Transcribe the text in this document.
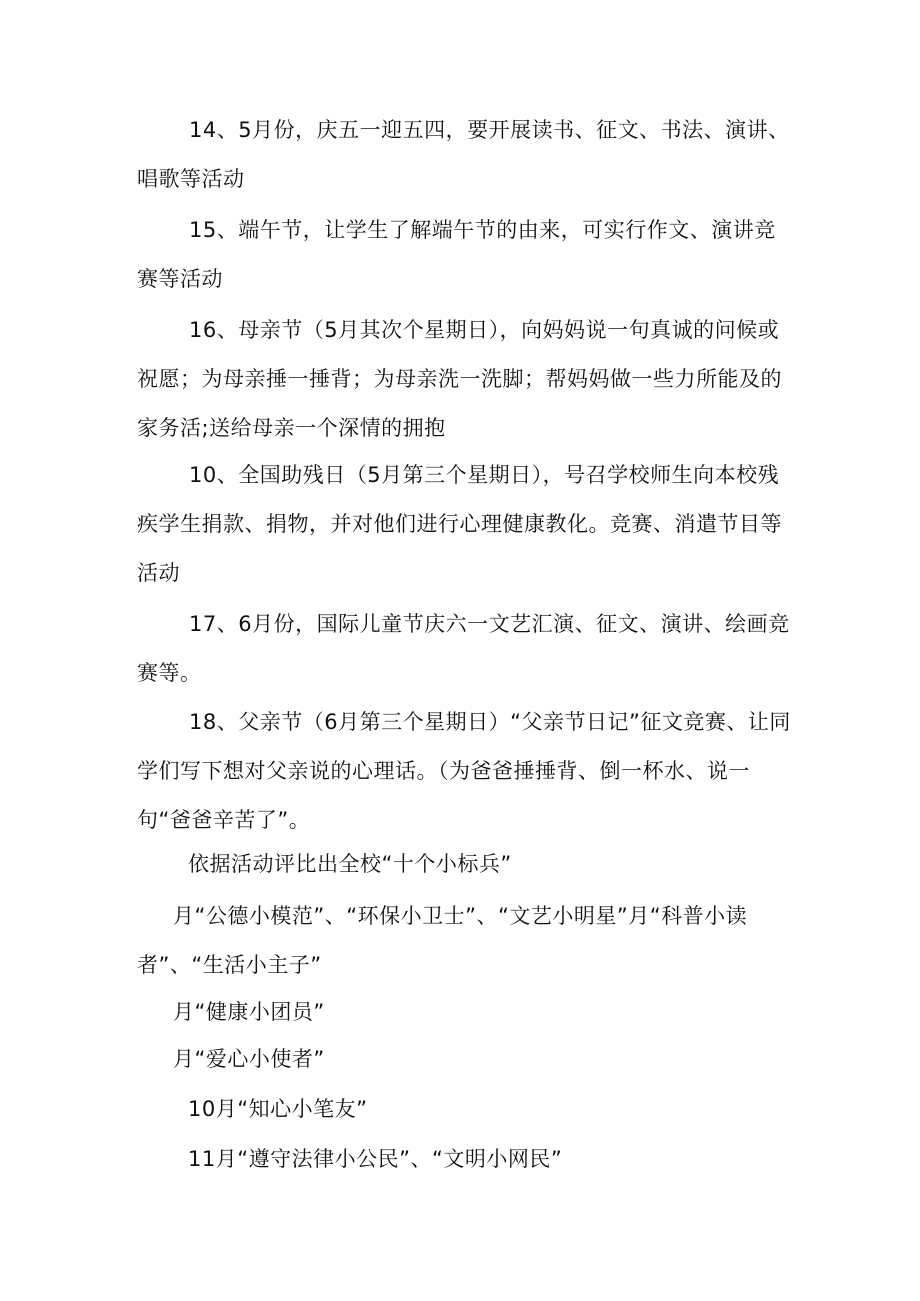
14、5月份，庆五一迎五四，要开展读书、征文、书法、演讲、唱歌等活动
15、端午节，让学生了解端午节的由来，可实行作文、演讲竞赛等活动
16、母亲节（5月其次个星期日），向妈妈说一句真诚的问候或祝愿；为母亲捶一捶背；为母亲洗一洗脚；帮妈妈做一些力所能及的家务活;送给母亲一个深情的拥抱
10、全国助残日（5月第三个星期日），号召学校师生向本校残疾学生捐款、捐物，并对他们进行心理健康教化。竞赛、消遣节目等活动
17、6月份，国际儿童节庆六一文艺汇演、征文、演讲、绘画竞赛等。
18、父亲节（6月第三个星期日）“父亲节日记”征文竞赛、让同学们写下想对父亲说的心理话。（为爸爸捶捶背、倒一杯水、说一句“爸爸辛苦了”。
依据活动评比出全校“十个小标兵”
月“公德小模范”、“环保小卫士”、“文艺小明星”月“科普小读者”、“生活小主子”
月“健康小团员”
月“爱心小使者”
10月“知心小笔友”
11月“遵守法律小公民”、“文明小网民”
